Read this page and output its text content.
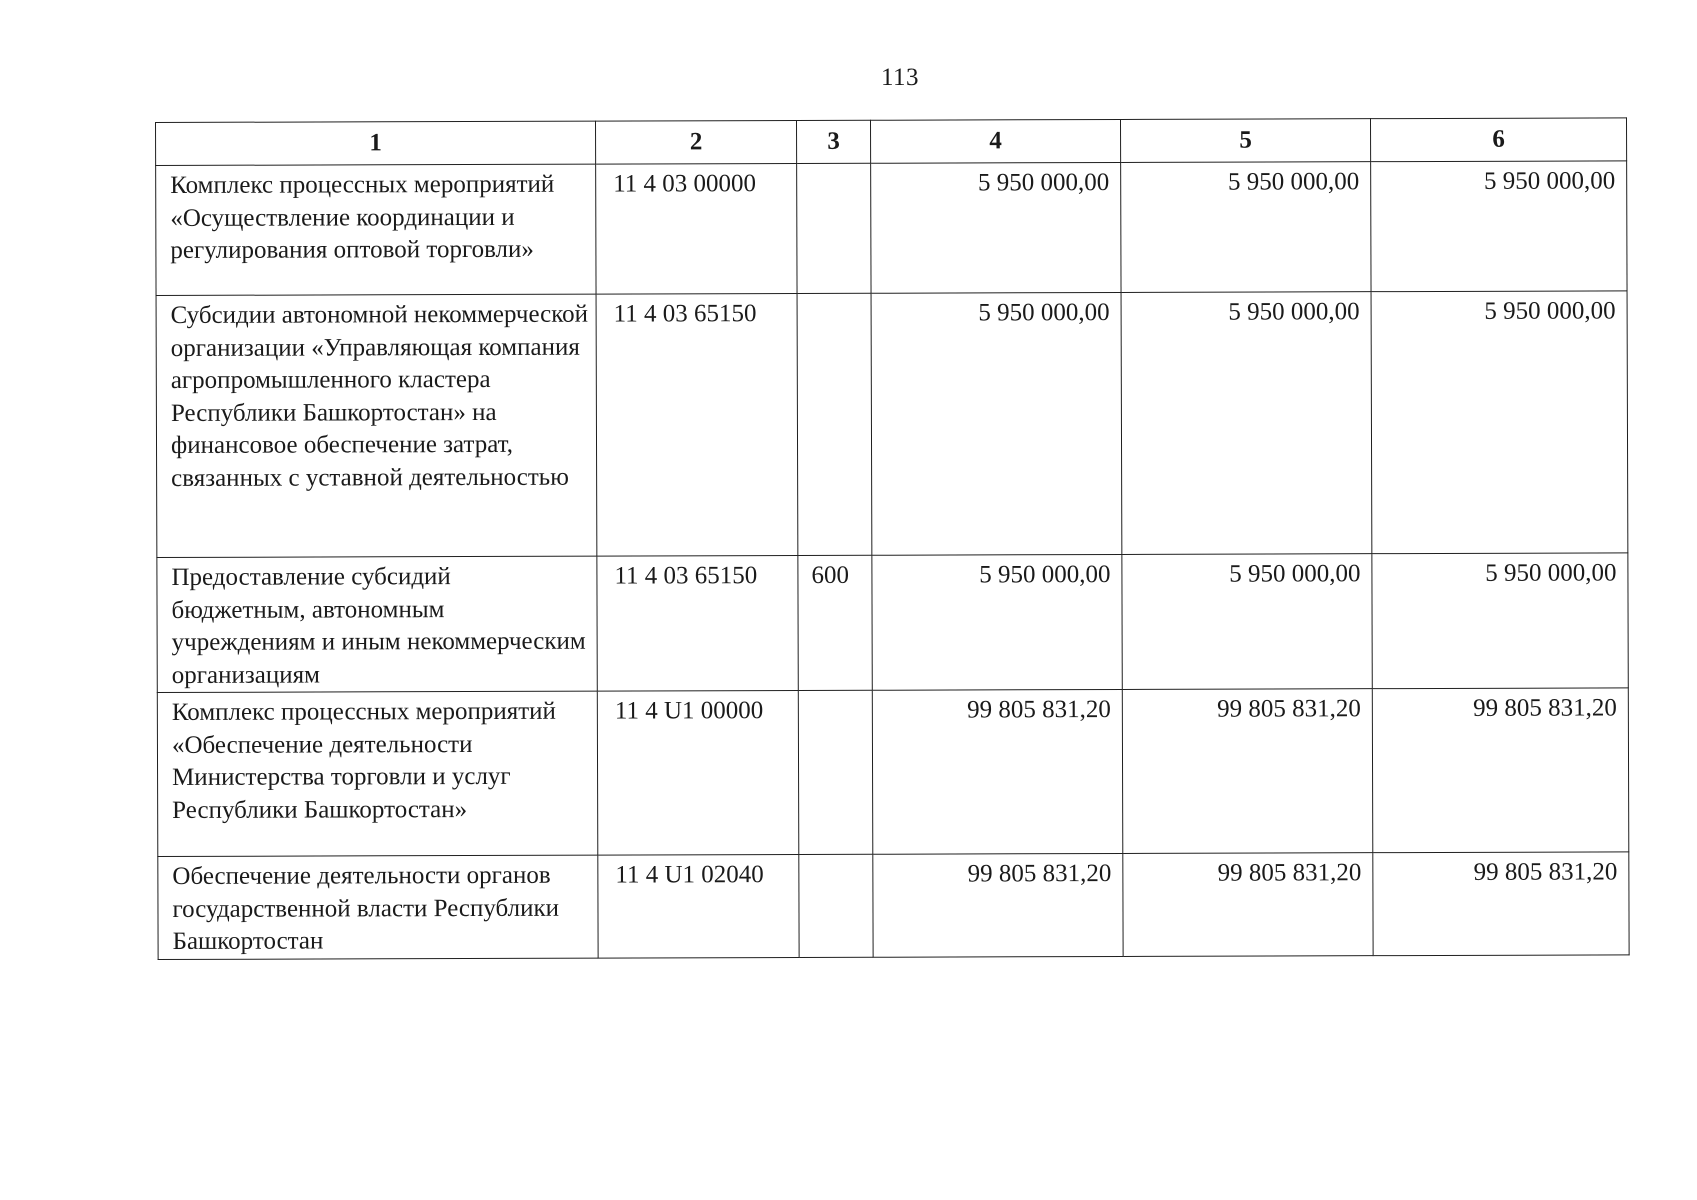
113
1	2	3	4	5	6
Комплекс процессных мероприятий «Осуществление координации и регулирования оптовой торговли»	11 4 03 00000		5 950 000,00	5 950 000,00	5 950 000,00
Субсидии автономной некоммерческой организации «Управляющая компания агропромышленного кластера Республики Башкортостан» на финансовое обеспечение затрат, связанных с уставной деятельностью	11 4 03 65150		5 950 000,00	5 950 000,00	5 950 000,00
Предоставление субсидий бюджетным, автономным учреждениям и иным некоммерческим организациям	11 4 03 65150	600	5 950 000,00	5 950 000,00	5 950 000,00
Комплекс процессных мероприятий «Обеспечение деятельности Министерства торговли и услуг Республики Башкортостан»	11 4 U1 00000		99 805 831,20	99 805 831,20	99 805 831,20
Обеспечение деятельности органов государственной власти Республики Башкортостан	11 4 U1 02040		99 805 831,20	99 805 831,20	99 805 831,20
